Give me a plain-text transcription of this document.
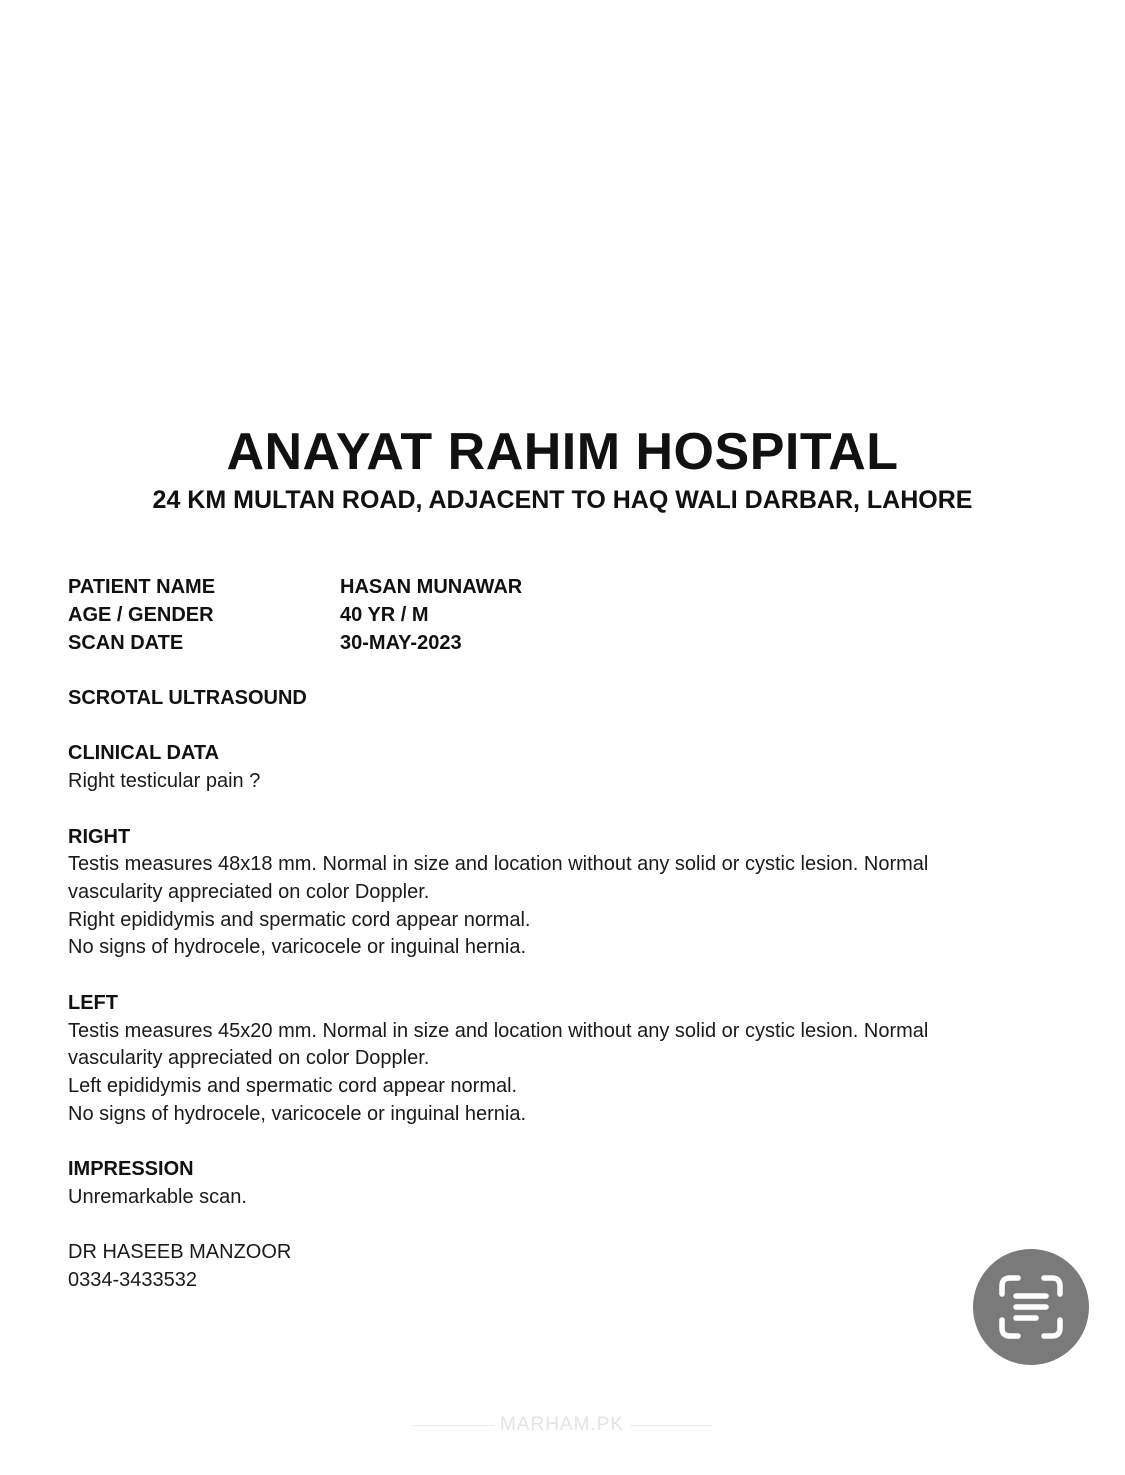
ANAYAT RAHIM HOSPITAL
24 KM MULTAN ROAD, ADJACENT TO HAQ WALI DARBAR, LAHORE
PATIENT NAME	HASAN MUNAWAR
AGE / GENDER	40 YR / M
SCAN DATE	30-MAY-2023
SCROTAL ULTRASOUND
CLINICAL DATA
Right testicular pain ?
RIGHT
Testis measures 48x18 mm. Normal in size and location without any solid or cystic lesion. Normal
vascularity appreciated on color Doppler.
Right epididymis and spermatic cord appear normal.
No signs of hydrocele, varicocele or inguinal hernia.
LEFT
Testis measures 45x20 mm. Normal in size and location without any solid or cystic lesion. Normal
vascularity appreciated on color Doppler.
Left epididymis and spermatic cord appear normal.
No signs of hydrocele, varicocele or inguinal hernia.
IMPRESSION
Unremarkable scan.
DR HASEEB MANZOOR
0334-3433532
MARHAM.PK
